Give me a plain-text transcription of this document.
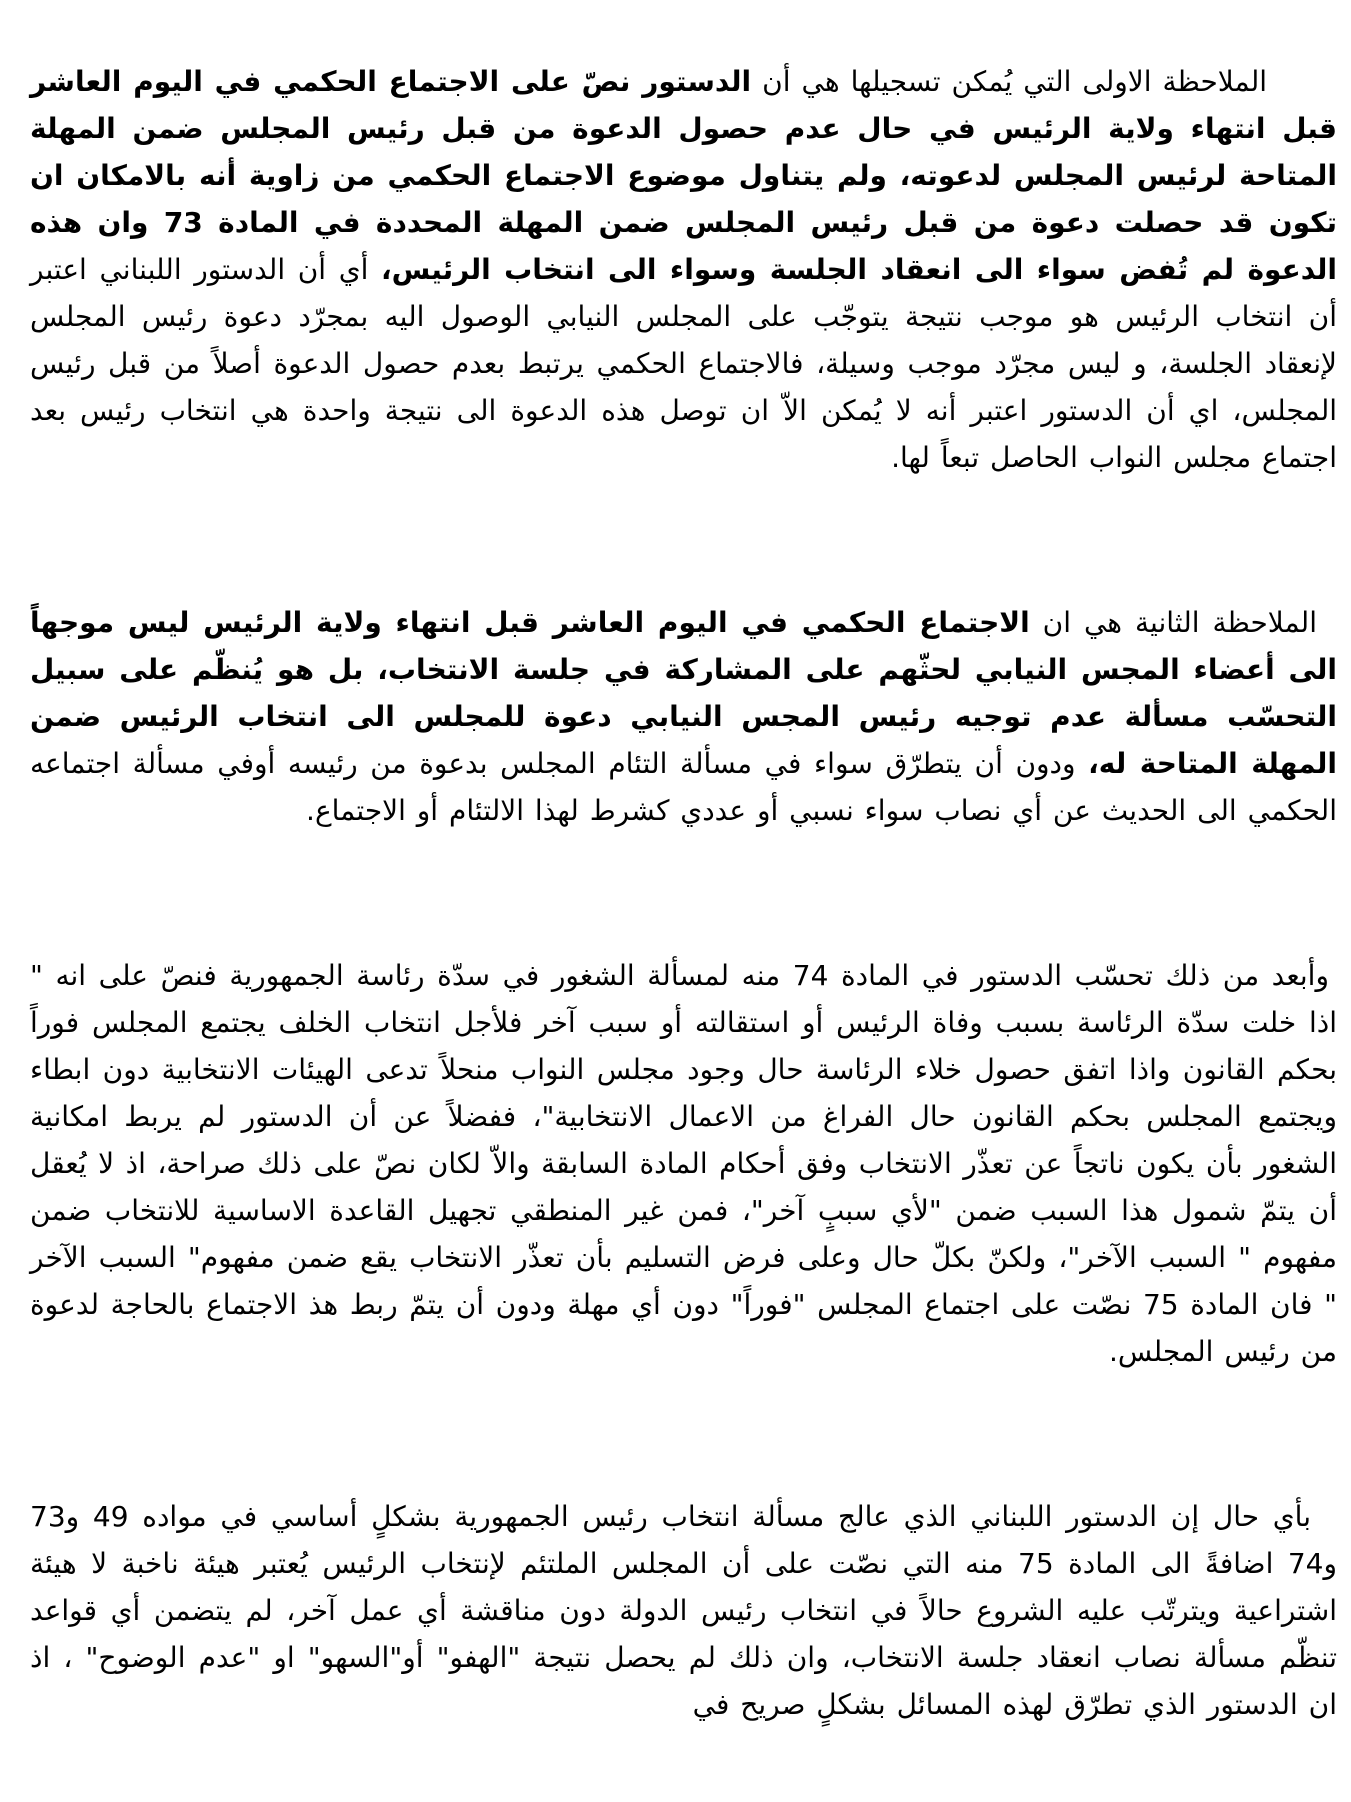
الملاحظة الاولى التي يُمكن تسجيلها هي أن الدستور نصّ على الاجتماع الحكمي في اليوم العاشر قبل انتهاء ولاية الرئيس في حال عدم حصول الدعوة من قبل رئيس المجلس ضمن المهلة المتاحة لرئيس المجلس لدعوته، ولم يتناول موضوع الاجتماع الحكمي من زاوية أنه بالامكان ان تكون قد حصلت دعوة من قبل رئيس المجلس ضمن المهلة المحددة في المادة 73 وان هذه الدعوة لم تُفض سواء الى انعقاد الجلسة وسواء الى انتخاب الرئيس، أي أن الدستور اللبناني اعتبر أن انتخاب الرئيس هو موجب نتيجة يتوجّب على المجلس النيابي الوصول اليه بمجرّد دعوة رئيس المجلس لإنعقاد الجلسة، و ليس مجرّد موجب وسيلة، فالاجتماع الحكمي يرتبط بعدم حصول الدعوة أصلاً من قبل رئيس المجلس، اي أن الدستور اعتبر أنه لا يُمكن الاّ ان توصل هذه الدعوة الى نتيجة واحدة هي انتخاب رئيس بعد اجتماع مجلس النواب الحاصل تبعاً لها.

الملاحظة الثانية هي ان الاجتماع الحكمي في اليوم العاشر قبل انتهاء ولاية الرئيس ليس موجهاً الى أعضاء المجس النيابي لحثّهم على المشاركة في جلسة الانتخاب، بل هو يُنظّم على سبيل التحسّب مسألة عدم توجيه رئيس المجس النيابي دعوة للمجلس الى انتخاب الرئيس ضمن المهلة المتاحة له، ودون أن يتطرّق سواء في مسألة التئام المجلس بدعوة من رئيسه أوفي مسألة اجتماعه الحكمي الى الحديث عن أي نصاب سواء نسبي أو عددي كشرط لهذا الالتئام أو الاجتماع.

وأبعد من ذلك تحسّب الدستور في المادة 74 منه لمسألة الشغور في سدّة رئاسة الجمهورية فنصّ على انه " اذا خلت سدّة الرئاسة بسبب وفاة الرئيس أو استقالته أو سبب آخر فلأجل انتخاب الخلف يجتمع المجلس فوراً بحكم القانون واذا اتفق حصول خلاء الرئاسة حال وجود مجلس النواب منحلاً تدعى الهيئات الانتخابية دون ابطاء ويجتمع المجلس بحكم القانون حال الفراغ من الاعمال الانتخابية"، ففضلاً عن أن الدستور لم يربط امكانية الشغور بأن يكون ناتجاً عن تعذّر الانتخاب وفق أحكام المادة السابقة والاّ لكان نصّ على ذلك صراحة، اذ لا يُعقل أن يتمّ شمول هذا السبب ضمن "لأي سببٍ آخر"، فمن غير المنطقي تجهيل القاعدة الاساسية للانتخاب ضمن مفهوم " السبب الآخر"، ولكنّ بكلّ حال وعلى فرض التسليم بأن تعذّر الانتخاب يقع ضمن مفهوم" السبب الآخر " فان المادة 75 نصّت على اجتماع المجلس "فوراً" دون أي مهلة ودون أن يتمّ ربط هذ الاجتماع بالحاجة لدعوة من رئيس المجلس.

بأي حال إن الدستور اللبناني الذي عالج مسألة انتخاب رئيس الجمهورية بشكلٍ أساسي في مواده 49 و73 و74 اضافةً الى المادة 75 منه التي نصّت على أن المجلس الملتئم لإنتخاب الرئيس يُعتبر هيئة ناخبة لا هيئة اشتراعية ويترتّب عليه الشروع حالاً في انتخاب رئيس الدولة دون مناقشة أي عمل آخر، لم يتضمن أي قواعد تنظّم مسألة نصاب انعقاد جلسة الانتخاب، وان ذلك لم يحصل نتيجة "الهفو" أو"السهو" او "عدم الوضوح" ، اذ ان الدستور الذي تطرّق لهذه المسائل بشكلٍ صريح في
